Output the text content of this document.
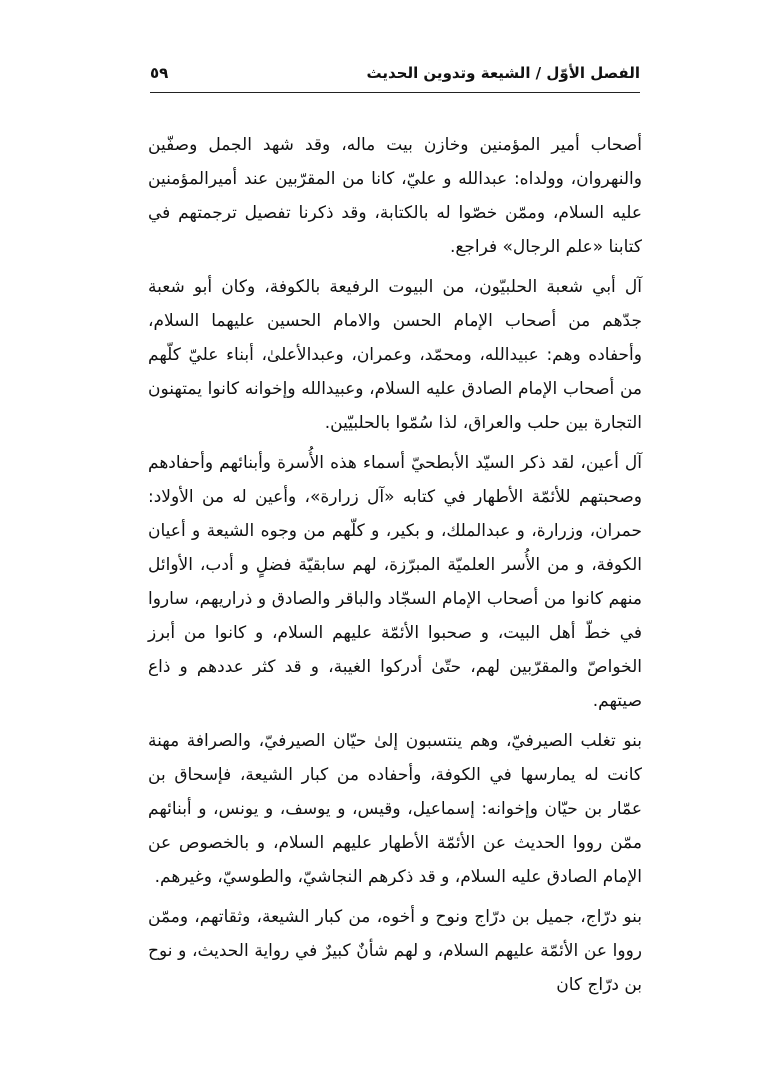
الفصل الأوّل / الشيعة وتدوين الحديث
٥٩

أصحاب أمير المؤمنين وخازن بيت ماله، وقد شهد الجمل وصفّين والنهروان، وولداه: عبدالله و عليّ، كانا من المقرّبين عند أميرالمؤمنين عليه السلام، وممّن خصّوا له بالكتابة، وقد ذكرنا تفصيل ترجمتهم في كتابنا «علم الرجال» فراجع.

آل أبي شعبة الحلبيّون، من البيوت الرفيعة بالكوفة، وكان أبو شعبة جدّهم من أصحاب الإمام الحسن والامام الحسين عليهما السلام، وأحفاده وهم: عبيدالله، ومحمّد، وعمران، وعبدالأعلىٰ، أبناء عليّ كلّهم من أصحاب الإمام الصادق عليه السلام، وعبيدالله وإخوانه كانوا يمتهنون التجارة بين حلب والعراق، لذا سُمّوا بالحلبيّين.

آل أعين، لقد ذكر السيّد الأبطحيّ أسماء هذه الأُسرة وأبنائهم وأحفادهم وصحبتهم للأئمّة الأطهار في كتابه «آل زرارة»، وأعين له من الأولاد: حمران، وزرارة، و عبدالملك، و بكير، و كلّهم من وجوه الشيعة و أعيان الكوفة، و من الأُسر العلميّة المبرّزة، لهم سابقيّة فضلٍ و أدب، الأوائل منهم كانوا من أصحاب الإمام السجّاد والباقر والصادق و ذراريهم، ساروا في خطّ أهل البيت، و صحبوا الأئمّة عليهم السلام، و كانوا من أبرز الخواصّ والمقرّبين لهم، حتّىٰ أدركوا الغيبة، و قد كثر عددهم و ذاع صيتهم.

بنو تغلب الصيرفيّ، وهم ينتسبون إلىٰ حيّان الصيرفيّ، والصرافة مهنة كانت له يمارسها في الكوفة، وأحفاده من كبار الشيعة، فإسحاق بن عمّار بن حيّان وإخوانه: إسماعيل، وقيس، و يوسف، و يونس، و أبنائهم ممّن رووا الحديث عن الأئمّة الأطهار عليهم السلام، و بالخصوص عن الإمام الصادق عليه السلام، و قد ذكرهم النجاشيّ، والطوسيّ، وغيرهم.

بنو درّاج، جميل بن درّاج ونوح و أخوه، من كبار الشيعة، وثقاتهم، وممّن رووا عن الأئمّة عليهم السلام، و لهم شأنٌ كبيرٌ في رواية الحديث، و نوح بن درّاج كان
